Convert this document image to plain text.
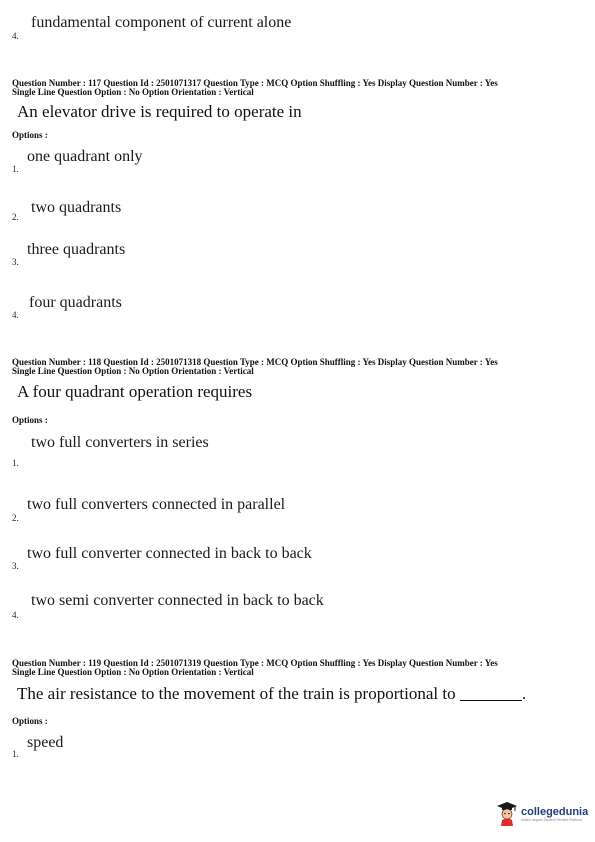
fundamental component of current alone
4.
Question Number : 117 Question Id : 2501071317 Question Type : MCQ Option Shuffling : Yes Display Question Number : Yes
Single Line Question Option : No Option Orientation : Vertical
An elevator drive is required to operate in
Options :
one quadrant only
1.
two quadrants
2.
three quadrants
3.
four quadrants
4.
Question Number : 118 Question Id : 2501071318 Question Type : MCQ Option Shuffling : Yes Display Question Number : Yes
Single Line Question Option : No Option Orientation : Vertical
A four quadrant operation requires
Options :
two full converters in series
1.
two full converters connected in parallel
2.
two full converter connected in back to back
3.
two semi converter connected in back to back
4.
Question Number : 119 Question Id : 2501071319 Question Type : MCQ Option Shuffling : Yes Display Question Number : Yes
Single Line Question Option : No Option Orientation : Vertical
The air resistance to the movement of the train is proportional to	.
Options :
speed
1.
collegedunia
India's largest Student Review Platform
